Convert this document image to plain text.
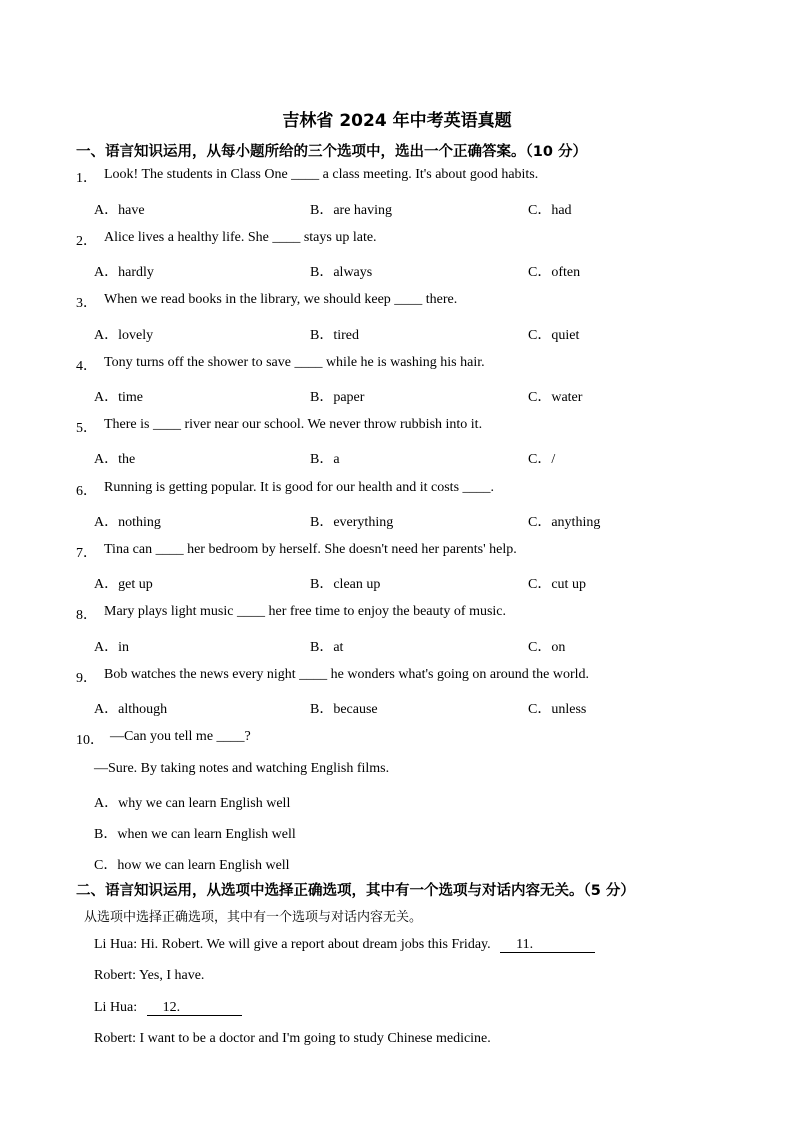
吉林省 2024 年中考英语真题
一、语言知识运用，从每小题所给的三个选项中，选出一个正确答案。（10 分）
1． Look! The students in Class One ____ a class meeting. It's about good habits.
A．have	B．are having	C．had
2． Alice lives a healthy life. She ____ stays up late.
A．hardly	B．always	C．often
3． When we read books in the library, we should keep ____ there.
A．lovely	B．tired	C．quiet
4． Tony turns off the shower to save ____ while he is washing his hair.
A．time	B．paper	C．water
5． There is ____ river near our school. We never throw rubbish into it.
A．the	B．a	C．/
6． Running is getting popular. It is good for our health and it costs ____.
A．nothing	B．everything	C．anything
7． Tina can ____ her bedroom by herself. She doesn't need her parents' help.
A．get up	B．clean up	C．cut up
8． Mary plays light music ____ her free time to enjoy the beauty of music.
A．in	B．at	C．on
9． Bob watches the news every night ____ he wonders what's going on around the world.
A．although	B．because	C．unless
10． —Can you tell me ____?
—Sure. By taking notes and watching English films.
A．why we can learn English well
B．when we can learn English well
C．how we can learn English well
二、语言知识运用，从选项中选择正确选项，其中有一个选项与对话内容无关。（5 分）
从选项中选择正确选项，其中有一个选项与对话内容无关。
Li Hua: Hi. Robert. We will give a report about dream jobs this Friday. 11.
Robert: Yes, I have.
Li Hua: 12.
Robert: I want to be a doctor and I'm going to study Chinese medicine.
